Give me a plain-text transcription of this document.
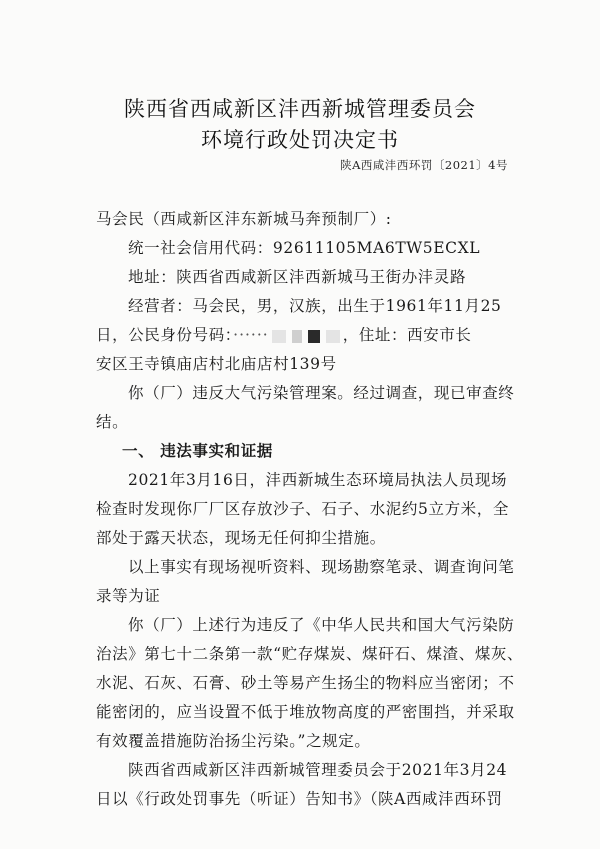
陕西省西咸新区沣西新城管理委员会
环境行政处罚决定书
陕A西咸沣西环罚〔2021〕4号
马会民（西咸新区沣东新城马奔预制厂）:
统一社会信用代码：92611105MA6TW5ECXL
地址：陕西省西咸新区沣西新城马王街办沣灵路
经营者：马会民，男，汉族，出生于1961年11月25
日，公民身份号码：······	，住址：西安市长
安区王寺镇庙店村北庙店村139号
你（厂）违反大气污染管理案。经过调查，现已审查终
结。
一、 违法事实和证据
2021年3月16日，沣西新城生态环境局执法人员现场
检查时发现你厂厂区存放沙子、石子、水泥约5立方米，全
部处于露天状态，现场无任何抑尘措施。
以上事实有现场视听资料、现场勘察笔录、调查询问笔
录等为证
你（厂）上述行为违反了《中华人民共和国大气污染防
治法》第七十二条第一款“贮存煤炭、煤矸石、煤渣、煤灰、
水泥、石灰、石膏、砂土等易产生扬尘的物料应当密闭；不
能密闭的，应当设置不低于堆放物高度的严密围挡，并采取
有效覆盖措施防治扬尘污染。”之规定。
陕西省西咸新区沣西新城管理委员会于2021年3月24
日以《行政处罚事先（听证）告知书》（陕A西咸沣西环罚
